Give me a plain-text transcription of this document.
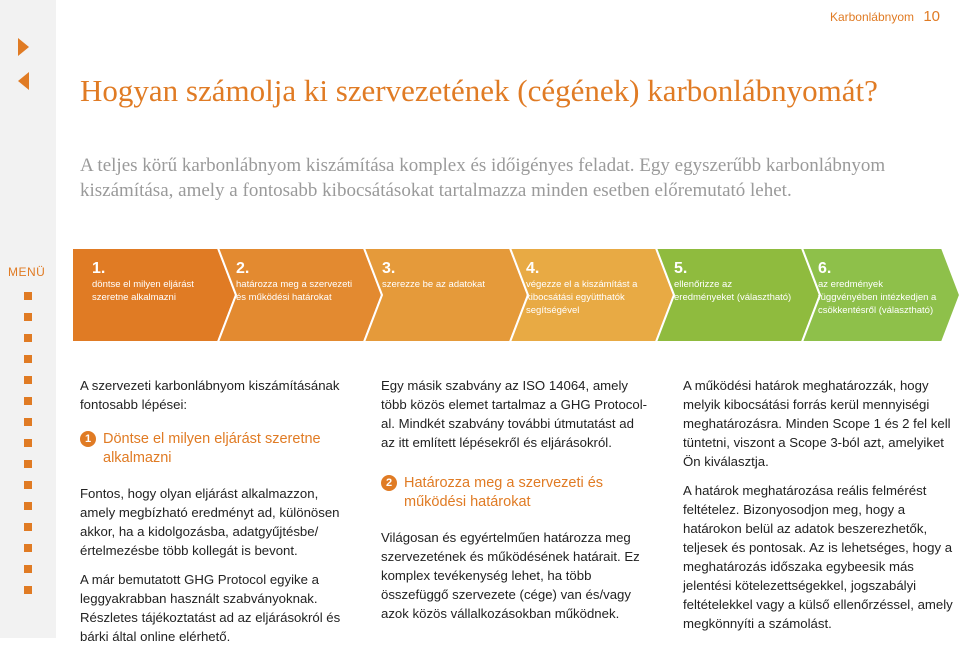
MENÜ
Karbonlábnyom 10
Hogyan számolja ki szervezetének (cégének) karbonlábnyomát?

A teljes körű karbonlábnyom kiszámítása komplex és időigényes feladat. Egy egyszerűbb karbonlábnyom kiszámítása, amely a fontosabb kibocsátásokat tartalmazza minden esetben előremutató lehet.

1.
döntse el milyen eljárást szeretne alkalmazni
2.
határozza meg a szervezeti és működési határokat
3.
szerezze be az adatokat
4.
végezze el a kiszámítást a kibocsátási együtthatók segítségével
5.
ellenőrizze az eredményeket (választható)
6.
az eredmények függvényében intézkedjen a csökkentésről (választható)

A szervezeti karbonlábnyom kiszámításának fontosabb lépései:

1 Döntse el milyen eljárást szeretne alkalmazni

Fontos, hogy olyan eljárást alkalmazzon, amely megbízható eredményt ad, különösen akkor, ha a kidolgozásba, adatgyűjtésbe/ értelmezésbe több kollegát is bevont.

A már bemutatott GHG Protocol egyike a leggyakrabban használt szabványoknak. Részletes tájékoztatást ad az eljárásokról és bárki által online elérhető.

Egy másik szabvány az ISO 14064, amely több közös elemet tartalmaz a GHG Protocol-al. Mindkét szabvány további útmutatást ad az itt említett lépésekről és eljárásokról.

2 Határozza meg a szervezeti és működési határokat

Világosan és egyértelműen határozza meg szervezetének és működésének határait. Ez komplex tevékenység lehet, ha több összefüggő szervezete (cége) van és/vagy azok közös vállalkozásokban működnek.

A működési határok meghatározzák, hogy melyik kibocsátási forrás kerül mennyiségi meghatározásra. Minden Scope 1 és 2 fel kell tüntetni, viszont a Scope 3-ból azt, amelyiket Ön kiválasztja.

A határok meghatározása reális felmérést feltételez. Bizonyosodjon meg, hogy a határokon belül az adatok beszerezhetők, teljesek és pontosak. Az is lehetséges, hogy a meghatározás időszaka egybeesik más jelentési kötelezettségekkel, jogszabályi feltételekkel vagy a külső ellenőrzéssel, amely megkönnyíti a számolást.
